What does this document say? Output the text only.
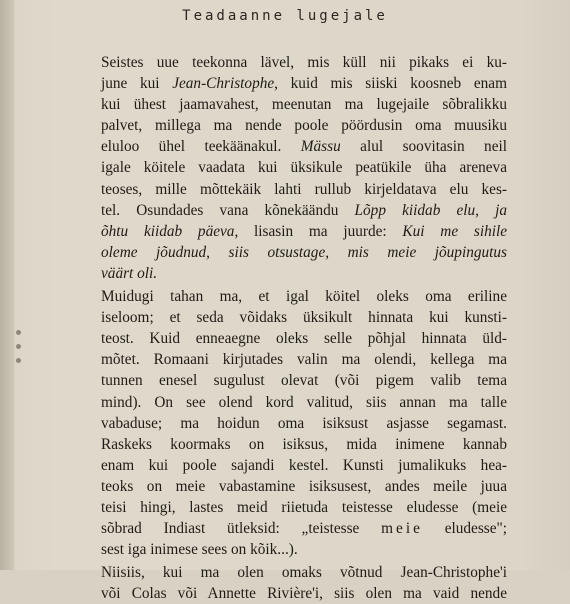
Teadaanne lugejale
Seistes uue teekonna lävel, mis küll nii pikaks ei ku-
june kui Jean-Christophe, kuid mis siiski koosneb enam
kui ühest jaamavahest, meenutan ma lugejaile sõbralikku
palvet, millega ma nende poole pöördusin oma muusiku
eluloo ühel teekäänakul. Mässu alul soovitasin neil
igale köitele vaadata kui üksikule peatükile üha areneva
teoses, mille mõttekäik lahti rullub kirjeldatava elu kes-
tel. Osundades vana kõnekäändu Lõpp kiidab elu, ja
õhtu kiidab päeva, lisasin ma juurde: Kui me sihile
oleme jõudnud, siis otsustage, mis meie jõupingutus
väärt oli.
Muidugi tahan ma, et igal köitel oleks oma eriline
iseloom; et seda võidaks üksikult hinnata kui kunsti-
teost. Kuid enneaegne oleks selle põhjal hinnata üld-
mõtet. Romaani kirjutades valin ma olendi, kellega ma
tunnen enesel sugulust olevat (või pigem valib tema
mind). On see olend kord valitud, siis annan ma talle
vabaduse; ma hoidun oma isiksust asjasse segamast.
Raskeks koormaks on isiksus, mida inimene kannab
enam kui poole sajandi kestel. Kunsti jumalikuks hea-
teoks on meie vabastamine isiksusest, andes meile juua
teisi hingi, lastes meid riietuda teistesse eludesse (meie
sõbrad Indiast ütleksid: „teistesse meie eludesse";
sest iga inimese sees on kõik...).
Niisiis, kui ma olen omaks võtnud Jean-Christophe'i
või Colas või Annette Rivière'i, siis olen ma vaid nende
